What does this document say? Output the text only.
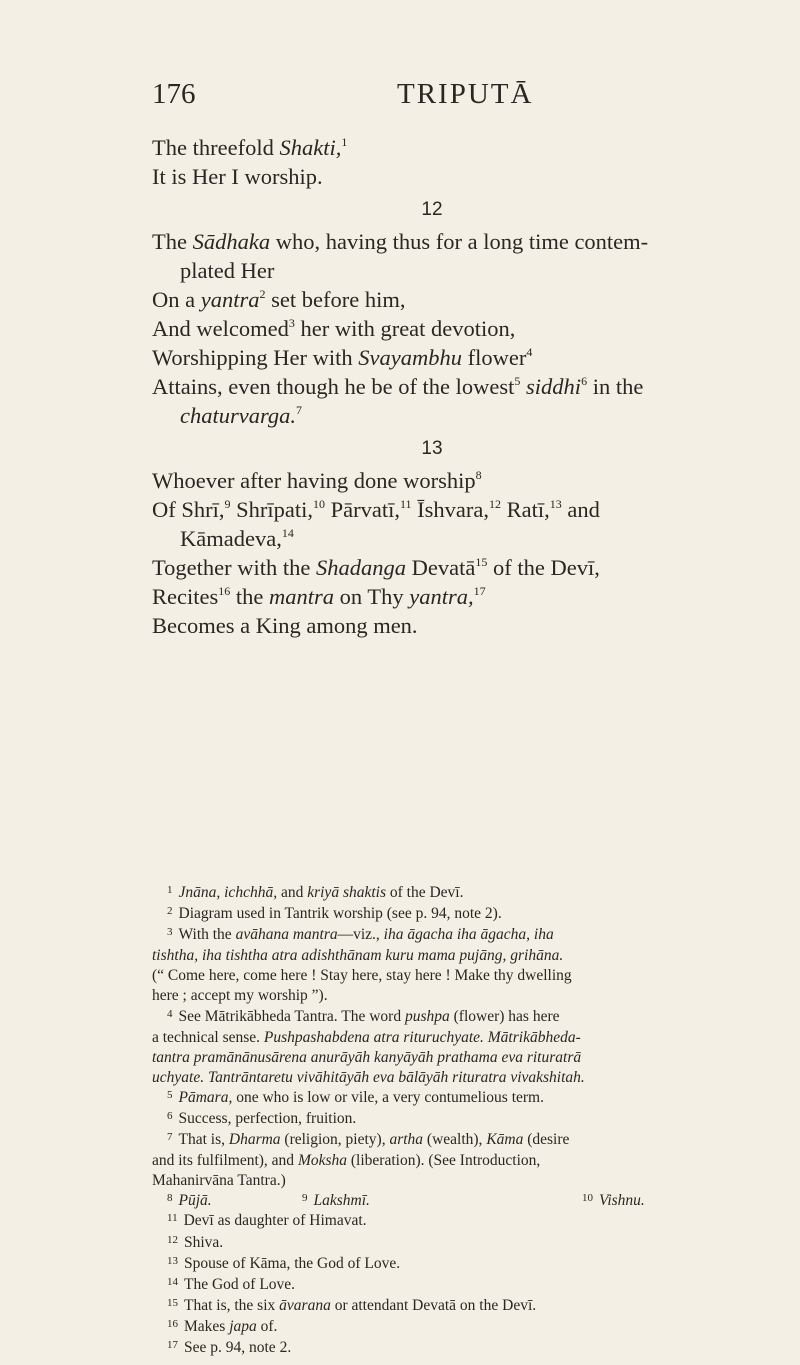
176	TRIPUTĀ
The threefold Shakti,$^1$
It is Her I worship.
12
The Sādhaka who, having thus for a long time contem-
plated Her
On a yantra$^2$ set before him,
And welcomed$^3$ her with great devotion,
Worshipping Her with Svayambhu flower$^4$
Attains, even though he be of the lowest$^5$ siddhi$^6$ in the
chaturvarga.$^7$
13
Whoever after having done worship$^8$
Of Shrī,$^9$ Shrīpati,$^{10}$ Pārvatī,$^{11}$ Īshvara,$^{12}$ Ratī,$^{13}$ and
Kāmadeva,$^{14}$
Together with the Shadanga Devatā$^{15}$ of the Devī,
Recites$^{16}$ the mantra on Thy yantra,$^{17}$
Becomes a King among men.
$^1$ Jnāna, ichchhā, and kriyā shaktis of the Devī.
$^2$ Diagram used in Tantrik worship (see p. 94, note 2).
$^3$ With the avāhana mantra—viz., iha āgacha iha āgacha, iha
tishtha, iha tishtha atra adishthānam kuru mama pujāng, grihāna.
(“ Come here, come here ! Stay here, stay here ! Make thy dwelling
here ; accept my worship ”).
$^4$ See Mātrikābheda Tantra. The word pushpa (flower) has here
a technical sense. Pushpashabdena atra rituruchyate. Mātrikābheda-
tantra pramānānusārena anurāyāh kanyāyāh prathama eva rituratrā
uchyate. Tantrāntaretu vivāhitāyāh eva bālāyāh rituratra vivakshitah.
$^5$ Pāmara, one who is low or vile, a very contumelious term.
$^6$ Success, perfection, fruition.
$^7$ That is, Dharma (religion, piety), artha (wealth), Kāma (desire
and its fulfilment), and Moksha (liberation). (See Introduction,
Mahanirvāna Tantra.)
$^8$ Pūjā.	$^9$ Lakshmī.	$^{10}$ Vishnu.
$^{11}$ Devī as daughter of Himavat.
$^{12}$ Shiva.
$^{13}$ Spouse of Kāma, the God of Love.
$^{14}$ The God of Love.
$^{15}$ That is, the six āvarana or attendant Devatā on the Devī.
$^{16}$ Makes japa of.
$^{17}$ See p. 94, note 2.
